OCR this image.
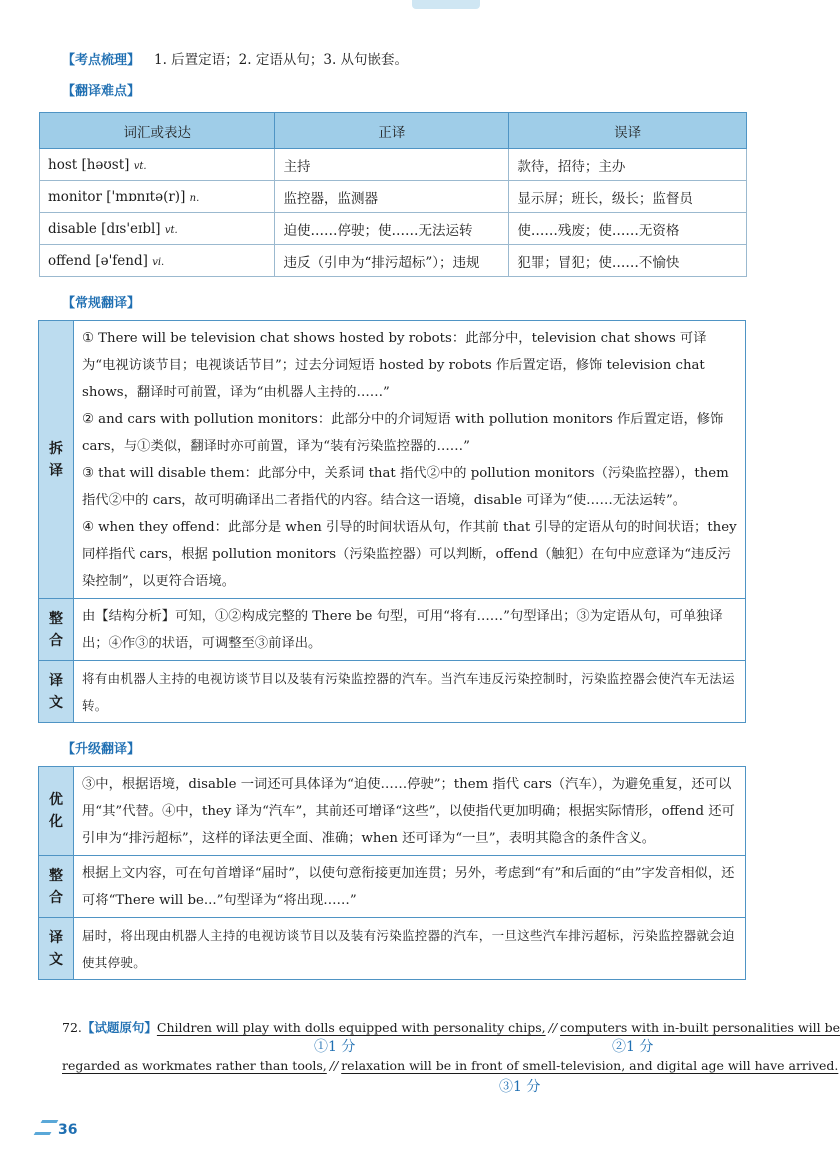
【考点梳理】 1. 后置定语；2. 定语从句；3. 从句嵌套。
【翻译难点】
词汇或表达	正译	误译
host [həʊst] vt.	主持	款待，招待；主办
monitor ['mɒnɪtə(r)] n.	监控器，监测器	显示屏；班长，级长；监督员
disable [dɪs'eɪbl] vt.	迫使……停驶；使……无法运转	使……残废；使……无资格
offend [ə'fend] vi.	违反（引申为“排污超标”）；违规	犯罪；冒犯；使……不愉快
【常规翻译】
拆
译

① There will be television chat shows hosted by robots：此部分中，television chat shows 可译为“电视访谈节目；电视谈话节目”；过去分词短语 hosted by robots 作后置定语，修饰 television chat shows，翻译时可前置，译为“由机器人主持的……”

② and cars with pollution monitors：此部分中的介词短语 with pollution monitors 作后置定语，修饰 cars，与①类似，翻译时亦可前置，译为“装有污染监控器的……”

③ that will disable them：此部分中，关系词 that 指代②中的 pollution monitors（污染监控器），them 指代②中的 cars，故可明确译出二者指代的内容。结合这一语境，disable 可译为“使……无法运转”。

④ when they offend：此部分是 when 引导的时间状语从句，作其前 that 引导的定语从句的时间状语；they 同样指代 cars，根据 pollution monitors（污染监控器）可以判断，offend（触犯）在句中应意译为“违反污染控制”，以更符合语境。

整
合

由【结构分析】可知，①②构成完整的 There be 句型，可用“将有……”句型译出；③为定语从句，可单独译出；④作③的状语，可调整至③前译出。

译
文

将有由机器人主持的电视访谈节目以及装有污染监控器的汽车。当汽车违反污染控制时，污染监控器会使汽车无法运转。

【升级翻译】
优
化

③中，根据语境，disable 一词还可具体译为“迫使……停驶”；them 指代 cars（汽车），为避免重复，还可以用“其”代替。④中，they 译为“汽车”，其前还可增译“这些”，以使指代更加明确；根据实际情形，offend 还可引申为“排污超标”，这样的译法更全面、准确；when 还可译为“一旦”，表明其隐含的条件含义。

整
合

根据上文内容，可在句首增译“届时”，以使句意衔接更加连贯；另外，考虑到“有”和后面的“由”字发音相似，还可将“There will be...”句型译为“将出现……”

译
文

届时，将出现由机器人主持的电视访谈节目以及装有污染监控器的汽车，一旦这些汽车排污超标，污染监控器就会迫使其停驶。

72.【试题原句】Children will play with dolls equipped with personality chips, // computers with in-built personalities will be
①1 分	②1 分
regarded as workmates rather than tools, // relaxation will be in front of smell-television, and digital age will have arrived.
③1 分
36
